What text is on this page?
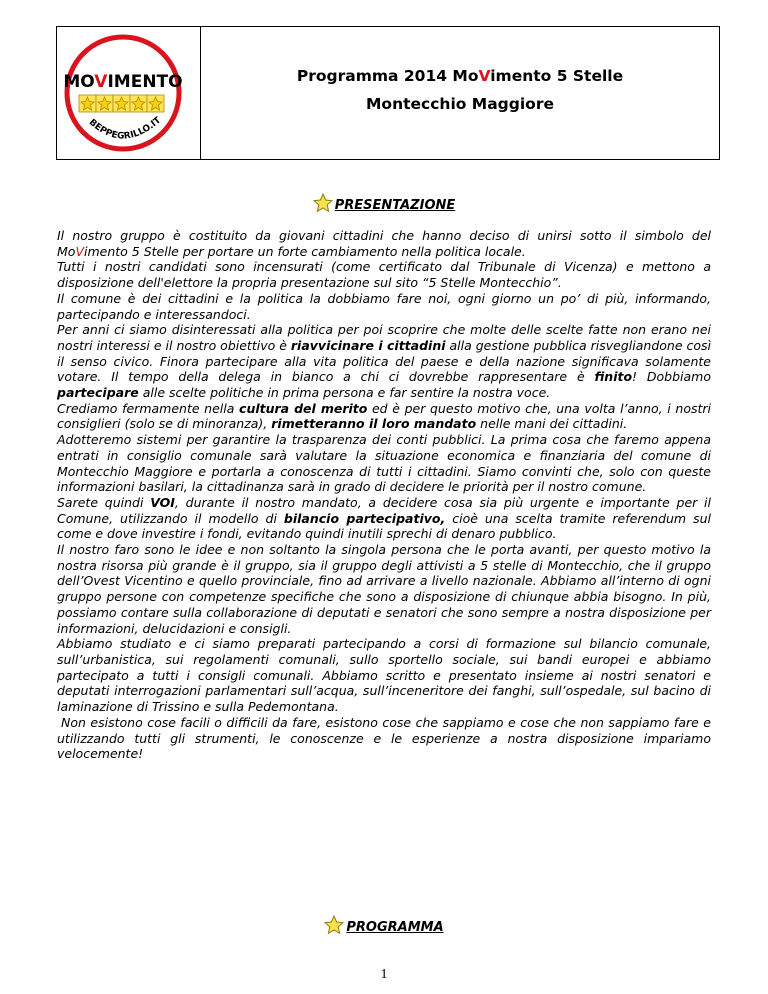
MOVIMENTO
BEPPEGRILLO.IT
Programma 2014 MoVimento 5 Stelle
Montecchio Maggiore
PRESENTAZIONE

Il nostro gruppo è costituito da giovani cittadini che hanno deciso di unirsi sotto il simbolo del MoVimento 5 Stelle per portare un forte cambiamento nella politica locale.

Tutti i nostri candidati sono incensurati (come certificato dal Tribunale di Vicenza) e mettono a disposizione dell'elettore la propria presentazione sul sito “5 Stelle Montecchio”.

Il comune è dei cittadini e la politica la dobbiamo fare noi, ogni giorno un po’ di più, informando, partecipando e interessandoci.

Per anni ci siamo disinteressati alla politica per poi scoprire che molte delle scelte fatte non erano nei nostri interessi e il nostro obiettivo è riavvicinare i cittadini alla gestione pubblica risvegliandone così il senso civico. Finora partecipare alla vita politica del paese e della nazione significava solamente votare. Il tempo della delega in bianco a chi ci dovrebbe rappresentare è finito! Dobbiamo partecipare alle scelte politiche in prima persona e far sentire la nostra voce.

Crediamo fermamente nella cultura del merito ed è per questo motivo che, una volta l’anno, i nostri consiglieri (solo se di minoranza), rimetteranno il loro mandato nelle mani dei cittadini.

Adotteremo sistemi per garantire la trasparenza dei conti pubblici. La prima cosa che faremo appena entrati in consiglio comunale sarà valutare la situazione economica e finanziaria del comune di Montecchio Maggiore e portarla a conoscenza di tutti i cittadini. Siamo convinti che, solo con queste informazioni basilari, la cittadinanza sarà in grado di decidere le priorità per il nostro comune.

Sarete quindi VOI, durante il nostro mandato, a decidere cosa sia più urgente e importante per il Comune, utilizzando il modello di bilancio partecipativo, cioè una scelta tramite referendum sul come e dove investire i fondi, evitando quindi inutili sprechi di denaro pubblico.

Il nostro faro sono le idee e non soltanto la singola persona che le porta avanti, per questo motivo la nostra risorsa più grande è il gruppo, sia il gruppo degli attivisti a 5 stelle di Montecchio, che il gruppo dell’Ovest Vicentino e quello provinciale, fino ad arrivare a livello nazionale. Abbiamo all’interno di ogni gruppo persone con competenze specifiche che sono a disposizione di chiunque abbia bisogno. In più, possiamo contare sulla collaborazione di deputati e senatori che sono sempre a nostra disposizione per informazioni, delucidazioni e consigli.

Abbiamo studiato e ci siamo preparati partecipando a corsi di formazione sul bilancio comunale, sull’urbanistica, sui regolamenti comunali, sullo sportello sociale, sui bandi europei e abbiamo partecipato a tutti i consigli comunali. Abbiamo scritto e presentato insieme ai nostri senatori e deputati interrogazioni parlamentari sull’acqua, sull’inceneritore dei fanghi, sull’ospedale, sul bacino di laminazione di Trissino e sulla Pedemontana.

Non esistono cose facili o difficili da fare, esistono cose che sappiamo e cose che non sappiamo fare e utilizzando tutti gli strumenti, le conoscenze e le esperienze a nostra disposizione impariamo velocemente!

PROGRAMMA
1
